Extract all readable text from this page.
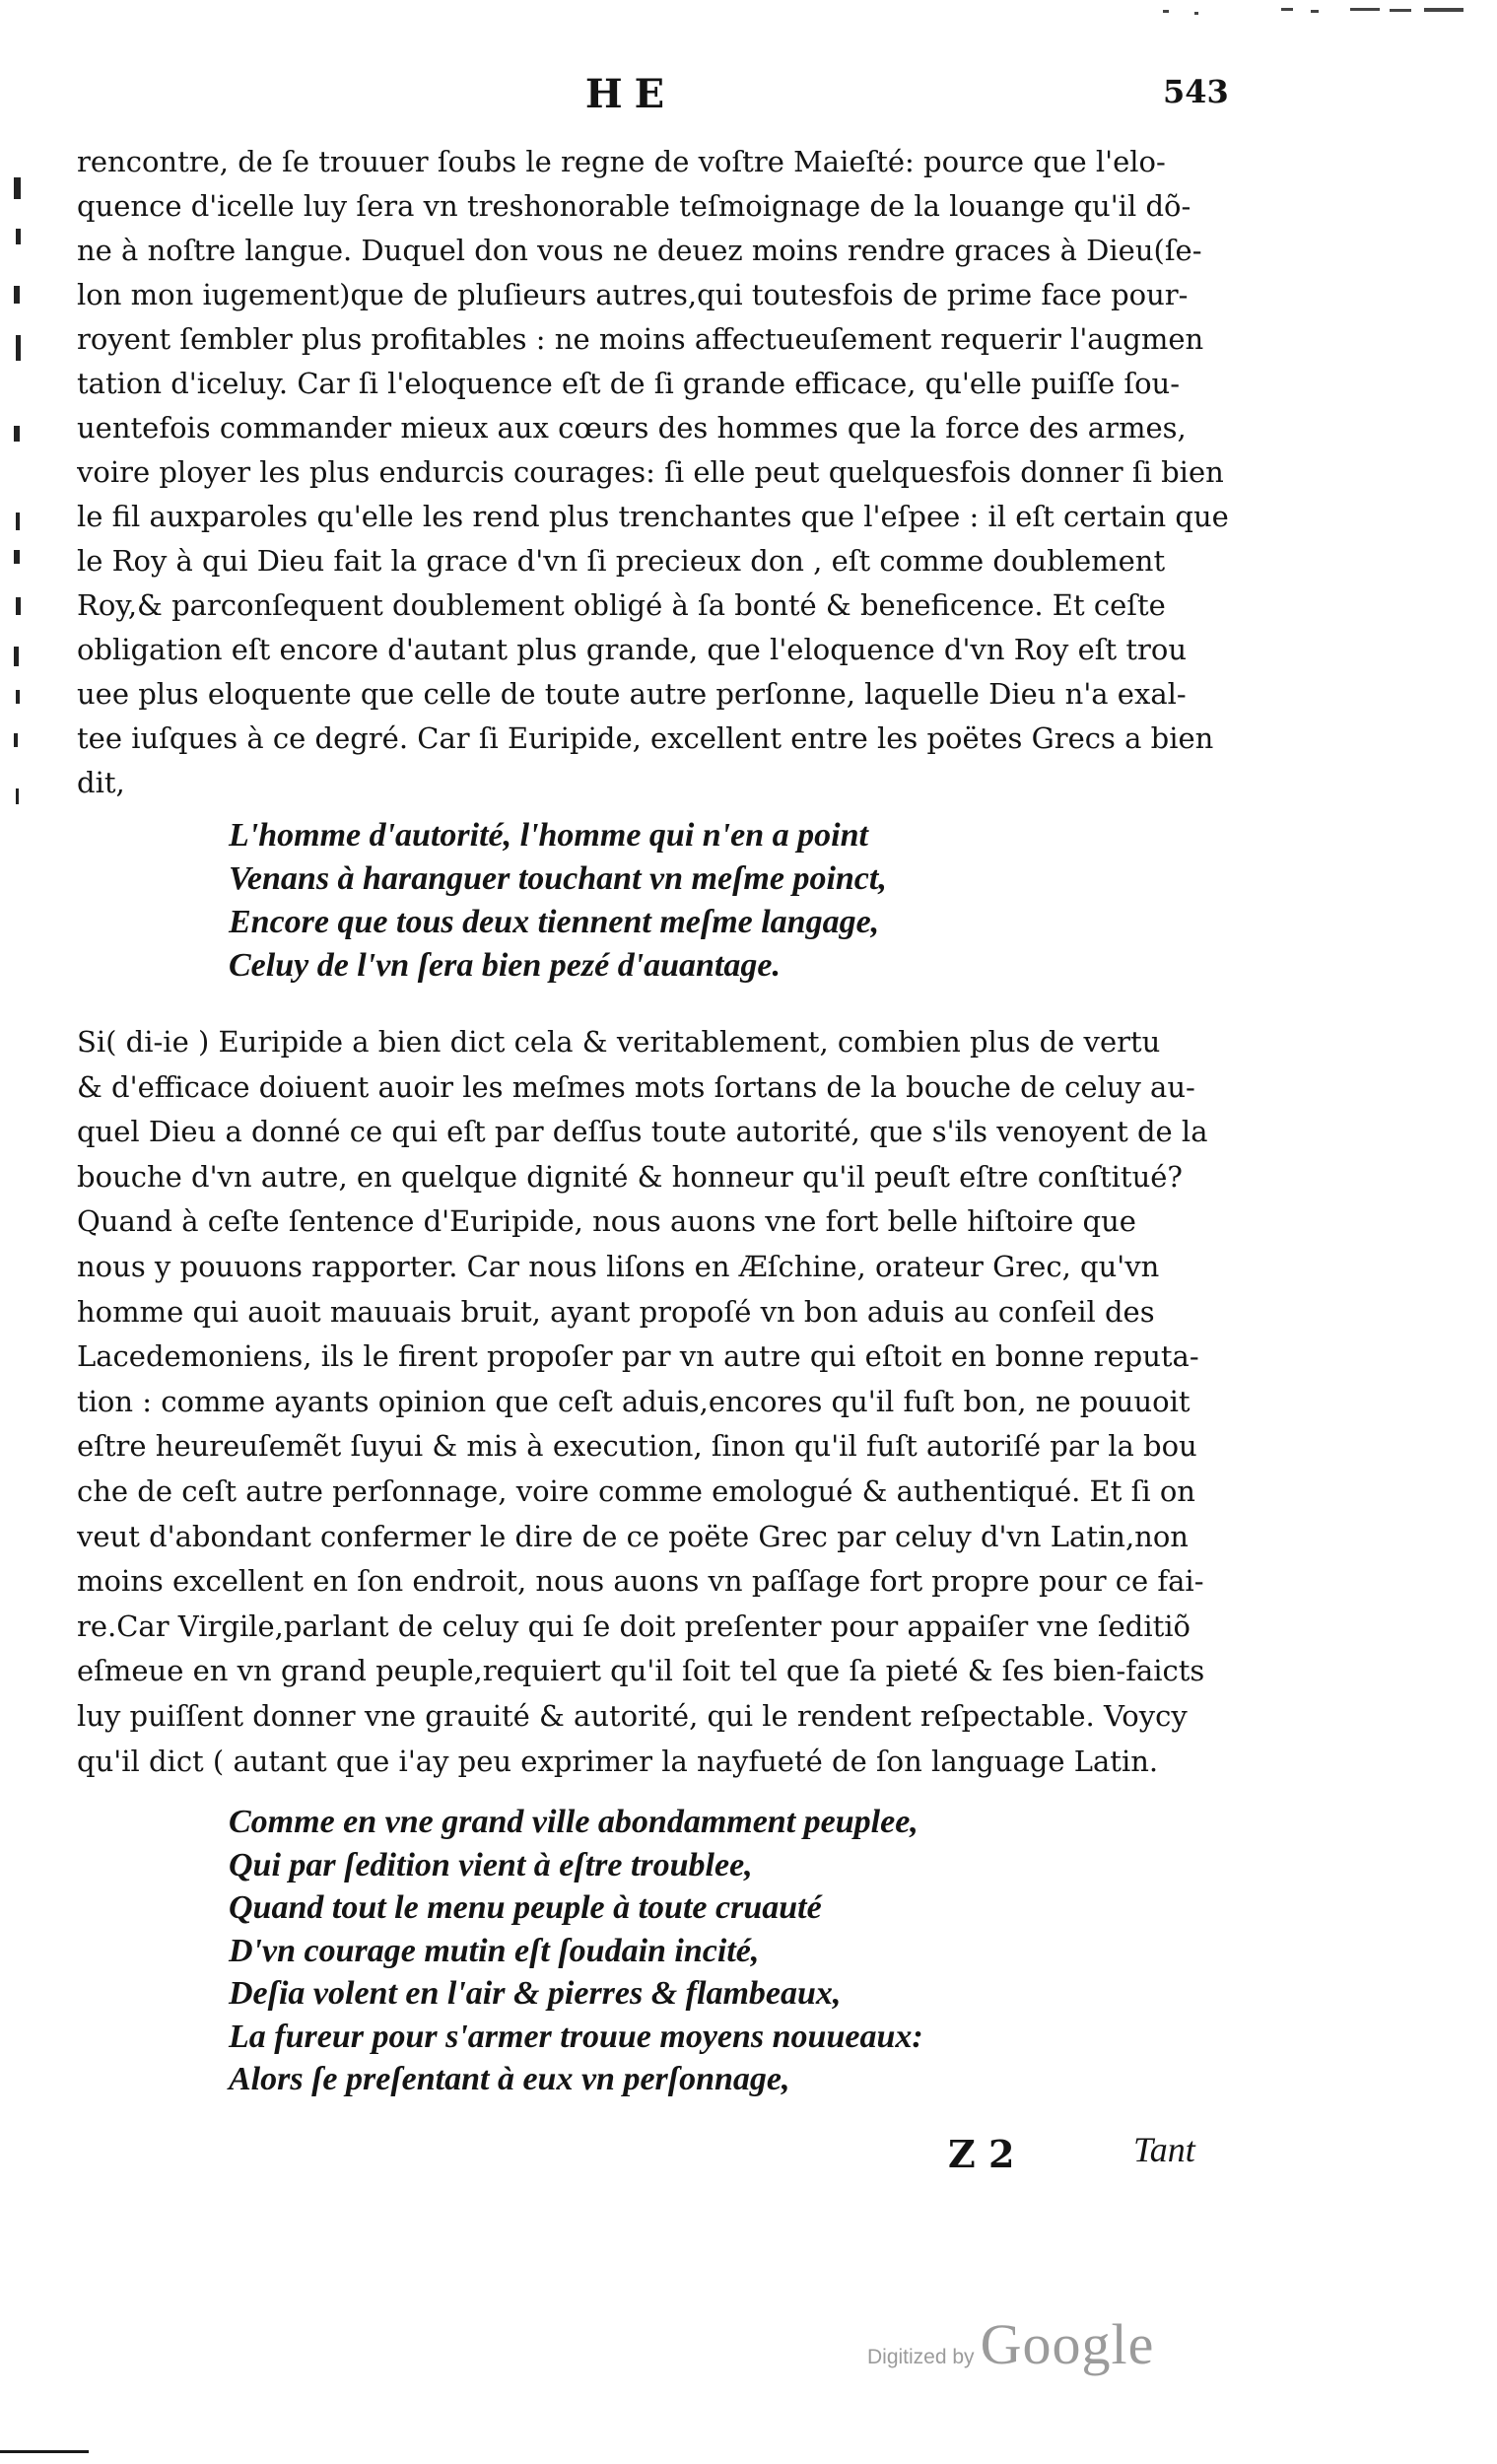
HE	543
rencontre, de ſe trouuer ſoubs le regne de voſtre Maieſté: pource que l'elo-
quence d'icelle luy ſera vn treshonorable teſmoignage de la louange qu'il dõ-
ne à noſtre langue. Duquel don vous ne deuez moins rendre graces à Dieu(ſe-
lon mon iugement)que de pluſieurs autres,qui toutesfois de prime face pour-
royent ſembler plus profitables : ne moins affectueuſement requerir l'augmen
tation d'iceluy. Car ſi l'eloquence eſt de ſi grande efficace, qu'elle puiſſe ſou-
uentefois commander mieux aux cœurs des hommes que la force des armes,
voire ployer les plus endurcis courages: ſi elle peut quelquesfois donner ſi bien
le fil auxparoles qu'elle les rend plus trenchantes que l'eſpee : il eſt certain que
le Roy à qui Dieu fait la grace d'vn ſi precieux don , eſt comme doublement
Roy,& parconſequent doublement obligé à ſa bonté & beneficence. Et ceſte
obligation eſt encore d'autant plus grande, que l'eloquence d'vn Roy eſt trou
uee plus eloquente que celle de toute autre perſonne, laquelle Dieu n'a exal-
tee iuſques à ce degré. Car ſi Euripide, excellent entre les poëtes Grecs a bien
dit,
L'homme d'autorité, l'homme qui n'en a point
Venans à haranguer touchant vn meſme poinct,
Encore que tous deux tiennent meſme langage,
Celuy de l'vn ſera bien pezé d'auantage.
Si( di-ie ) Euripide a bien dict cela & veritablement, combien plus de vertu
& d'efficace doiuent auoir les meſmes mots ſortans de la bouche de celuy au-
quel Dieu a donné ce qui eſt par deſſus toute autorité, que s'ils venoyent de la
bouche d'vn autre, en quelque dignité & honneur qu'il peuſt eſtre conſtitué?
Quand à ceſte ſentence d'Euripide, nous auons vne fort belle hiſtoire que
nous y pouuons rapporter. Car nous liſons en Æſchine, orateur Grec, qu'vn
homme qui auoit mauuais bruit, ayant propoſé vn bon aduis au conſeil des
Lacedemoniens, ils le firent propoſer par vn autre qui eſtoit en bonne reputa-
tion : comme ayants opinion que ceſt aduis,encores qu'il fuſt bon, ne pouuoit
eſtre heureuſemẽt ſuyui & mis à execution, ſinon qu'il fuſt autoriſé par la bou
che de ceſt autre perſonnage, voire comme emologué & authentiqué. Et ſi on
veut d'abondant confermer le dire de ce poëte Grec par celuy d'vn Latin,non
moins excellent en ſon endroit, nous auons vn paſſage fort propre pour ce fai-
re.Car Virgile,parlant de celuy qui ſe doit preſenter pour appaiſer vne ſeditiõ
eſmeue en vn grand peuple,requiert qu'il ſoit tel que ſa pieté & ſes bien-faicts
luy puiſſent donner vne grauité & autorité, qui le rendent reſpectable. Voycy
qu'il dict ( autant que i'ay peu exprimer la nayfueté de ſon language Latin.
Comme en vne grand ville abondamment peuplee,
Qui par ſedition vient à eſtre troublee,
Quand tout le menu peuple à toute cruauté
D'vn courage mutin eſt ſoudain incité,
Deſia volent en l'air & pierres & flambeaux,
La fureur pour s'armer trouue moyens nouueaux:
Alors ſe preſentant à eux vn perſonnage,
Z 2	Tant
Digitized by Google
